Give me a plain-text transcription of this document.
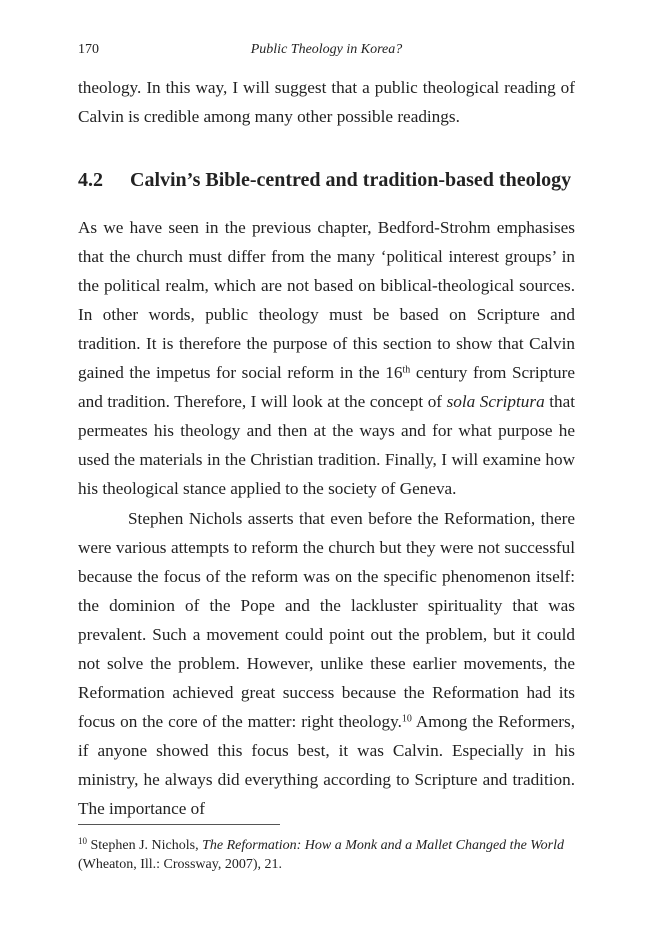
170	Public Theology in Korea?

theology. In this way, I will suggest that a public theological reading of Calvin is credible among many other possible readings.

4.2 Calvin’s Bible-centred and tradition-based theology

As we have seen in the previous chapter, Bedford-Strohm emphasises that the church must differ from the many ‘political interest groups’ in the political realm, which are not based on biblical-theological sources. In other words, public theology must be based on Scripture and tradition. It is therefore the purpose of this section to show that Calvin gained the impetus for social reform in the 16th century from Scripture and tradition. Therefore, I will look at the concept of sola Scriptura that permeates his theology and then at the ways and for what purpose he used the materials in the Christian tradition. Finally, I will examine how his theological stance applied to the society of Geneva.

Stephen Nichols asserts that even before the Reformation, there were various attempts to reform the church but they were not successful because the focus of the reform was on the specific phenomenon itself: the dominion of the Pope and the lackluster spirituality that was prevalent. Such a movement could point out the problem, but it could not solve the problem. However, unlike these earlier movements, the Reformation achieved great success because the Reformation had its focus on the core of the matter: right theology.$^{10}$ Among the Reformers, if anyone showed this focus best, it was Calvin. Especially in his ministry, he always did everything according to Scripture and tradition. The importance of

$^{10}$ Stephen J. Nichols, The Reformation: How a Monk and a Mallet Changed the World (Wheaton, Ill.: Crossway, 2007), 21.
